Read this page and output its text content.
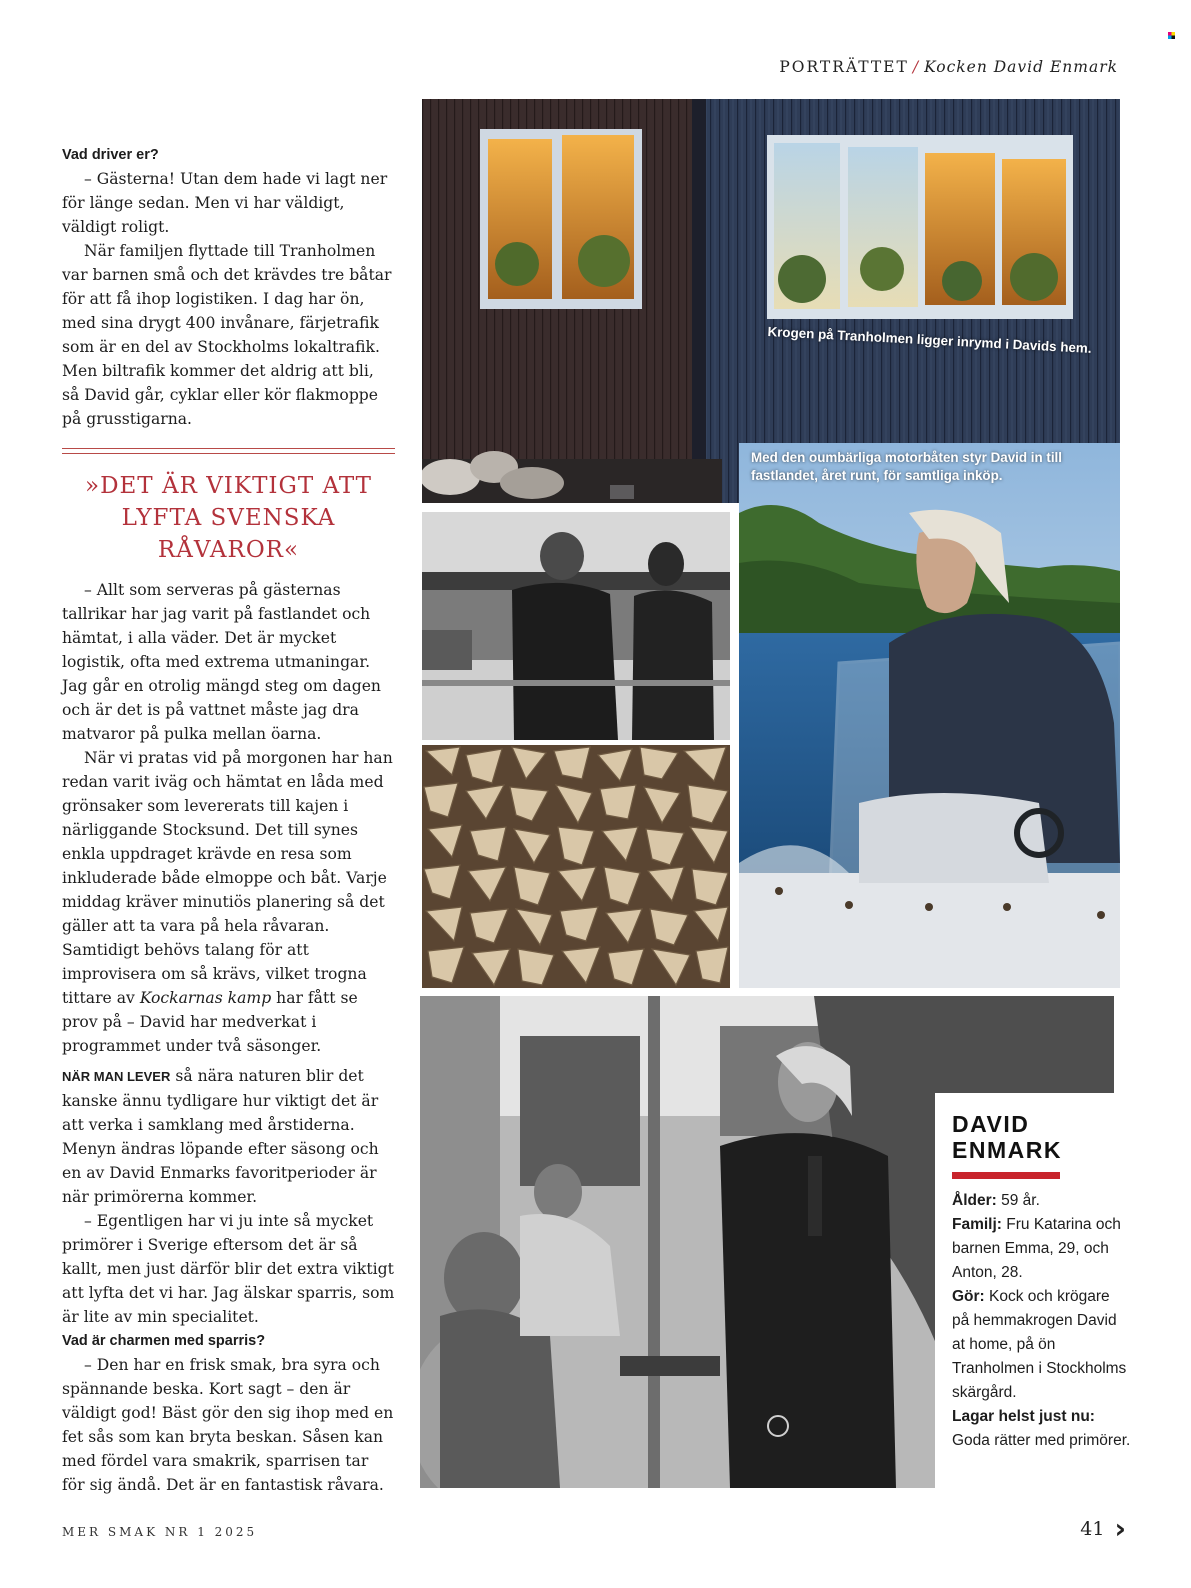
PORTRÄTTET / Kocken David Enmark

Vad driver er?

– Gästerna! Utan dem hade vi lagt ner för länge sedan. Men vi har väldigt, väldigt roligt.

När familjen flyttade till Tranholmen var barnen små och det krävdes tre båtar för att få ihop logistiken. I dag har ön, med sina drygt 400 invånare, färjetrafik som är en del av Stockholms lokaltrafik. Men biltrafik kommer det aldrig att bli, så David går, cyklar eller kör flakmoppe på grusstigarna.

»DET ÄR VIKTIGT ATT LYFTA SVENSKA RÅVAROR«

– Allt som serveras på gästernas tallrikar har jag varit på fastlandet och hämtat, i alla väder. Det är mycket logistik, ofta med extrema utmaningar. Jag går en otrolig mängd steg om dagen och är det is på vattnet måste jag dra matvaror på pulka mellan öarna.

När vi pratas vid på morgonen har han redan varit iväg och hämtat en låda med grönsaker som levererats till kajen i närliggande Stocksund. Det till synes enkla uppdraget krävde en resa som inkluderade både elmoppe och båt. Varje middag kräver minutiös planering så det gäller att ta vara på hela råvaran. Samtidigt behövs talang för att improvisera om så krävs, vilket trogna tittare av Kockarnas kamp har fått se prov på – David har medverkat i programmet under två säsonger.

NÄR MAN LEVER så nära naturen blir det kanske ännu tydligare hur viktigt det är att verka i samklang med årstiderna. Menyn ändras löpande efter säsong och en av David Enmarks favoritperioder är när primörerna kommer.

– Egentligen har vi ju inte så mycket primörer i Sverige eftersom det är så kallt, men just därför blir det extra viktigt att lyfta det vi har. Jag älskar sparris, som är lite av min specialitet.

Vad är charmen med sparris?

– Den har en frisk smak, bra syra och spännande beska. Kort sagt – den är väldigt god! Bäst gör den sig ihop med en fet sås som kan bryta beskan. Såsen kan med fördel vara smakrik, sparrisen tar för sig ändå. Det är en fantastisk råvara.

Krogen på Tranholmen ligger inrymd i Davids hem.
Med den oumbärliga motorbåten styr David in till fastlandet, året runt, för samtliga inköp.
DAVID
ENMARK
Ålder: 59 år.
Familj: Fru Katarina och barnen Emma, 29, och Anton, 28.
Gör: Kock och krögare på hemmakrogen David at home, på ön Tranholmen i Stockholms skärgård.
Lagar helst just nu: Goda rätter med primörer.
MER SMAK NR 1 2025	41 ›
